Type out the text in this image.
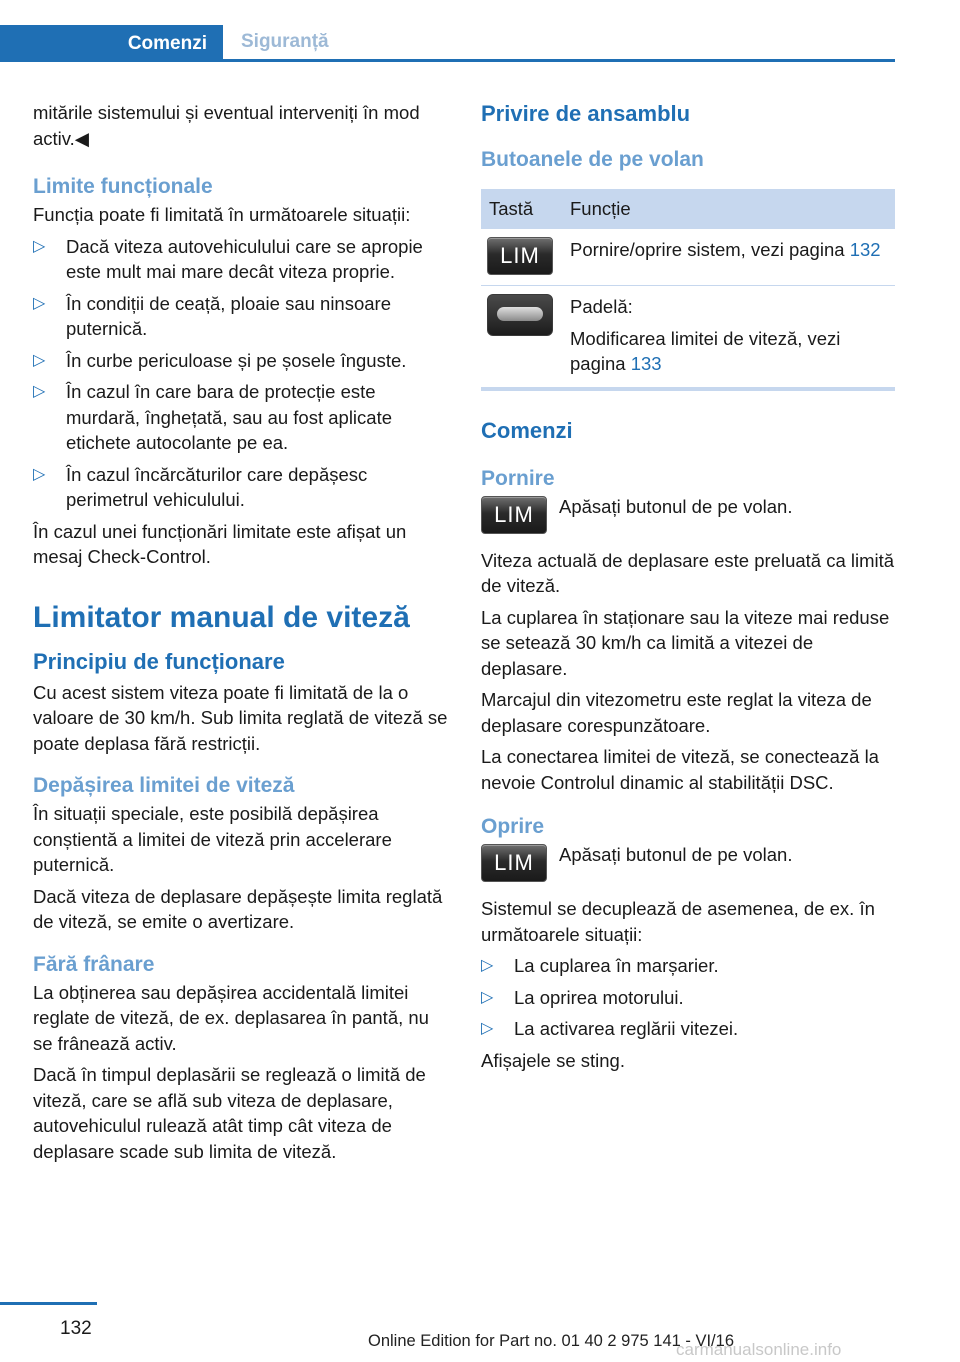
Comenzi	Siguranță

mitările sistemului și eventual interveniți în mod activ.◀

Limite funcționale

Funcția poate fi limitată în următoarele situații:

▷ Dacă viteza autovehiculului care se apropie este mult mai mare decât viteza proprie.
▷ În condiții de ceață, ploaie sau ninsoare puternică.
▷ În curbe periculoase și pe șosele înguste.
▷ În cazul în care bara de protecție este murdară, înghețată, sau au fost aplicate etichete autocolante pe ea.
▷ În cazul încărcăturilor care depășesc perimetrul vehiculului.

În cazul unei funcționări limitate este afișat un mesaj Check-Control.

Limitator manual de viteză
Principiu de funcționare

Cu acest sistem viteza poate fi limitată de la o valoare de 30 km/h. Sub limita reglată de viteză se poate deplasa fără restricții.

Depășirea limitei de viteză

În situații speciale, este posibilă depășirea conștientă a limitei de viteză prin accelerare puternică.

Dacă viteza de deplasare depășește limita reglată de viteză, se emite o avertizare.

Fără frânare

La obținerea sau depășirea accidentală limitei reglate de viteză, de ex. deplasarea în pantă, nu se frânează activ.

Dacă în timpul deplasării se reglează o limită de viteză, care se află sub viteza de deplasare, autovehiculul rulează atât timp cât viteza de deplasare scade sub limita de viteză.

Privire de ansamblu
Butoanele de pe volan
Tastă	Funcție
LIM	Pornire/oprire sistem, vezi pagina 132

	Padelă:

Modificarea limitei de viteză, vezi pagina 133
Comenzi
Pornire
LIM	Apăsați butonul de pe volan.

Viteza actuală de deplasare este preluată ca limită de viteză.

La cuplarea în staționare sau la viteze mai reduse se setează 30 km/h ca limită a vitezei de deplasare.

Marcajul din vitezometru este reglat la viteza de deplasare corespunzătoare.

La conectarea limitei de viteză, se conectează la nevoie Controlul dinamic al stabilității DSC.

Oprire
LIM	Apăsați butonul de pe volan.

Sistemul se decuplează de asemenea, de ex. în următoarele situații:

▷ La cuplarea în marșarier.
▷ La oprirea motorului.
▷ La activarea reglării vitezei.

Afișajele se sting.

132
Online Edition for Part no. 01 40 2 975 141 - VI/16
carmanualsonline.info
